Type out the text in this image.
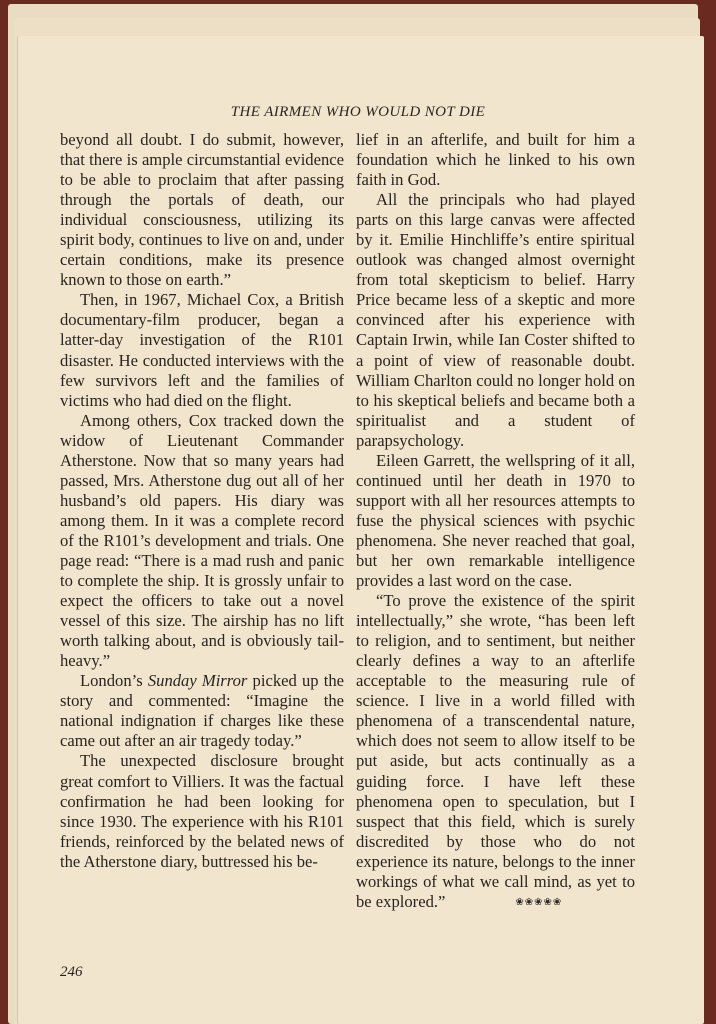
THE AIRMEN WHO WOULD NOT DIE

beyond all doubt. I do submit, however, that there is ample circumstantial evidence to be able to proclaim that after passing through the portals of death, our individual consciousness, utilizing its spirit body, continues to live on and, under certain conditions, make its presence known to those on earth.”

Then, in 1967, Michael Cox, a British documentary-film producer, began a latter-day investigation of the R101 disaster. He conducted interviews with the few survivors left and the families of victims who had died on the flight.

Among others, Cox tracked down the widow of Lieutenant Commander Atherstone. Now that so many years had passed, Mrs. Atherstone dug out all of her husband’s old papers. His diary was among them. In it was a complete record of the R101’s development and trials. One page read: “There is a mad rush and panic to complete the ship. It is grossly unfair to expect the officers to take out a novel vessel of this size. The airship has no lift worth talking about, and is obviously tail-heavy.”

London’s Sunday Mirror picked up the story and commented: “Imagine the national indignation if charges like these came out after an air tragedy today.”

The unexpected disclosure brought great comfort to Villiers. It was the factual confirmation he had been looking for since 1930. The experience with his R101 friends, reinforced by the belated news of the Atherstone diary, buttressed his be-

lief in an afterlife, and built for him a foundation which he linked to his own faith in God.

All the principals who had played parts on this large canvas were affected by it. Emilie Hinchliffe’s entire spiritual outlook was changed almost overnight from total skepticism to belief. Harry Price became less of a skeptic and more convinced after his experience with Captain Irwin, while Ian Coster shifted to a point of view of reasonable doubt. William Charlton could no longer hold on to his skeptical beliefs and became both a spiritualist and a student of parapsychology.

Eileen Garrett, the wellspring of it all, continued until her death in 1970 to support with all her resources attempts to fuse the physical sciences with psychic phenomena. She never reached that goal, but her own remarkable intelligence provides a last word on the case.

“To prove the existence of the spirit intellectually,” she wrote, “has been left to religion, and to sentiment, but neither clearly defines a way to an afterlife acceptable to the measuring rule of science. I live in a world filled with phenomena of a transcendental nature, which does not seem to allow itself to be put aside, but acts continually as a guiding force. I have left these phenomena open to speculation, but I suspect that this field, which is surely discredited by those who do not experience its nature, belongs to the inner workings of what we call mind, as yet to be explored.”	❀❀❀❀❀

246
